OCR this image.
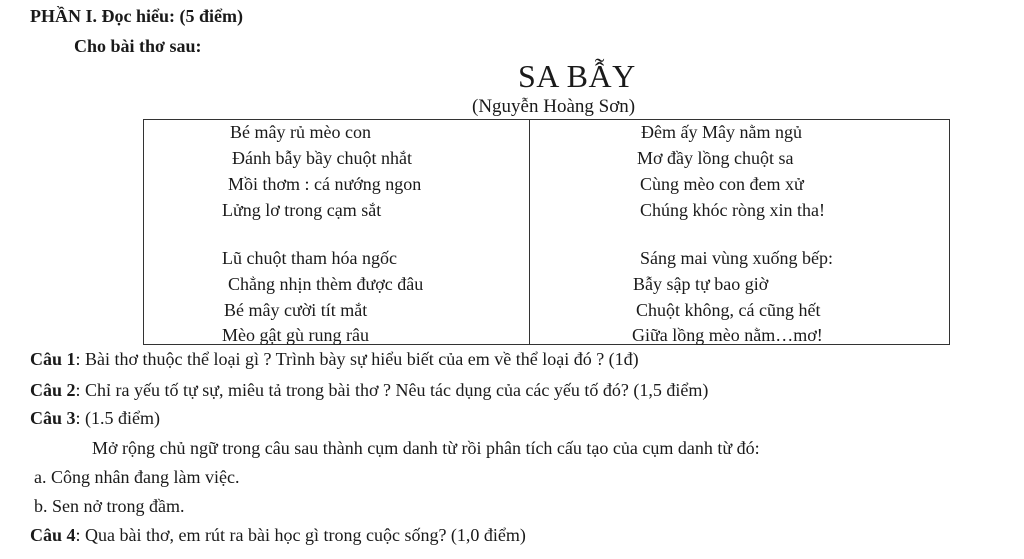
PHẦN I. Đọc hiểu: (5 điểm)
Cho bài thơ sau:
SA BẪY
(Nguyễn Hoàng Sơn)
Bé mây rủ mèo con
Đánh bẫy bầy chuột nhắt
Mồi thơm : cá nướng ngon
Lửng lơ trong cạm sắt
Lũ chuột tham hóa ngốc
Chẳng nhịn thèm được đâu
Bé mây cười tít mắt
Mèo gật gù rung râu
Đêm ấy Mây nằm ngủ
Mơ đầy lồng chuột sa
Cùng mèo con đem xử
Chúng khóc ròng xin tha!
Sáng mai vùng xuống bếp:
Bẫy sập tự bao giờ
Chuột không, cá cũng hết
Giữa lồng mèo nằm…mơ!
Câu 1: Bài thơ thuộc thể loại gì ? Trình bày sự hiểu biết của em về thể loại đó ? (1đ)
Câu 2: Chỉ ra yếu tố tự sự, miêu tả trong bài thơ ? Nêu tác dụng của các yếu tố đó? (1,5 điểm)
Câu 3: (1.5 điểm)
Mở rộng chủ ngữ trong câu sau thành cụm danh từ rồi phân tích cấu tạo của cụm danh từ đó:
a. Công nhân đang làm việc.
b. Sen nở trong đầm.
Câu 4: Qua bài thơ, em rút ra bài học gì trong cuộc sống? (1,0 điểm)
